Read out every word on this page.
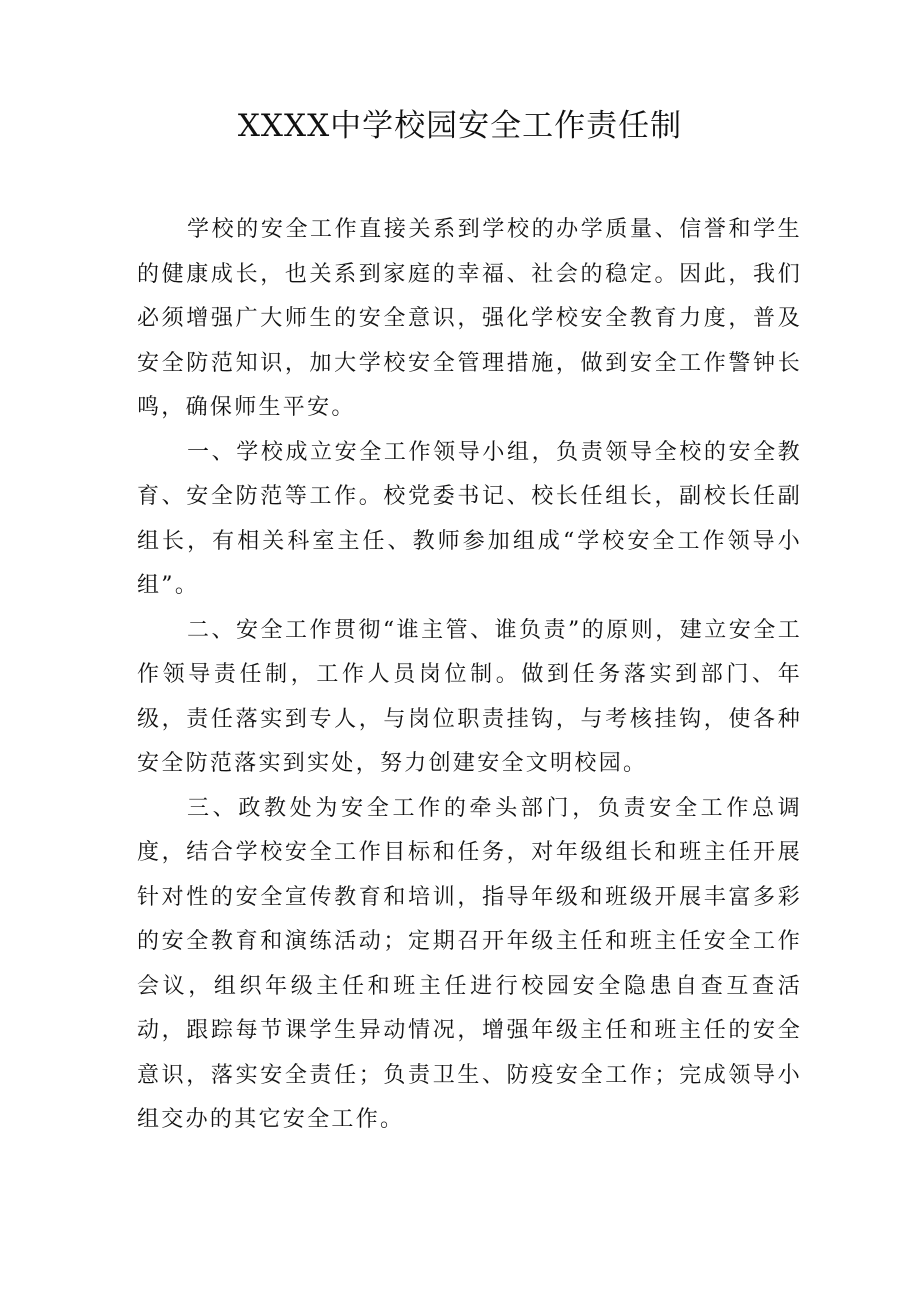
XXXX中学校园安全工作责任制

学校的安全工作直接关系到学校的办学质量、信誉和学生的健康成长，也关系到家庭的幸福、社会的稳定。因此，我们必须增强广大师生的安全意识，强化学校安全教育力度，普及安全防范知识，加大学校安全管理措施，做到安全工作警钟长鸣，确保师生平安。

一、学校成立安全工作领导小组，负责领导全校的安全教育、安全防范等工作。校党委书记、校长任组长，副校长任副组长，有相关科室主任、教师参加组成“学校安全工作领导小组”。

二、安全工作贯彻“谁主管、谁负责”的原则，建立安全工作领导责任制，工作人员岗位制。做到任务落实到部门、年级，责任落实到专人，与岗位职责挂钩，与考核挂钩，使各种安全防范落实到实处，努力创建安全文明校园。

三、政教处为安全工作的牵头部门，负责安全工作总调度，结合学校安全工作目标和任务，对年级组长和班主任开展针对性的安全宣传教育和培训，指导年级和班级开展丰富多彩的安全教育和演练活动；定期召开年级主任和班主任安全工作会议，组织年级主任和班主任进行校园安全隐患自查互查活动，跟踪每节课学生异动情况，增强年级主任和班主任的安全意识，落实安全责任；负责卫生、防疫安全工作；完成领导小组交办的其它安全工作。
